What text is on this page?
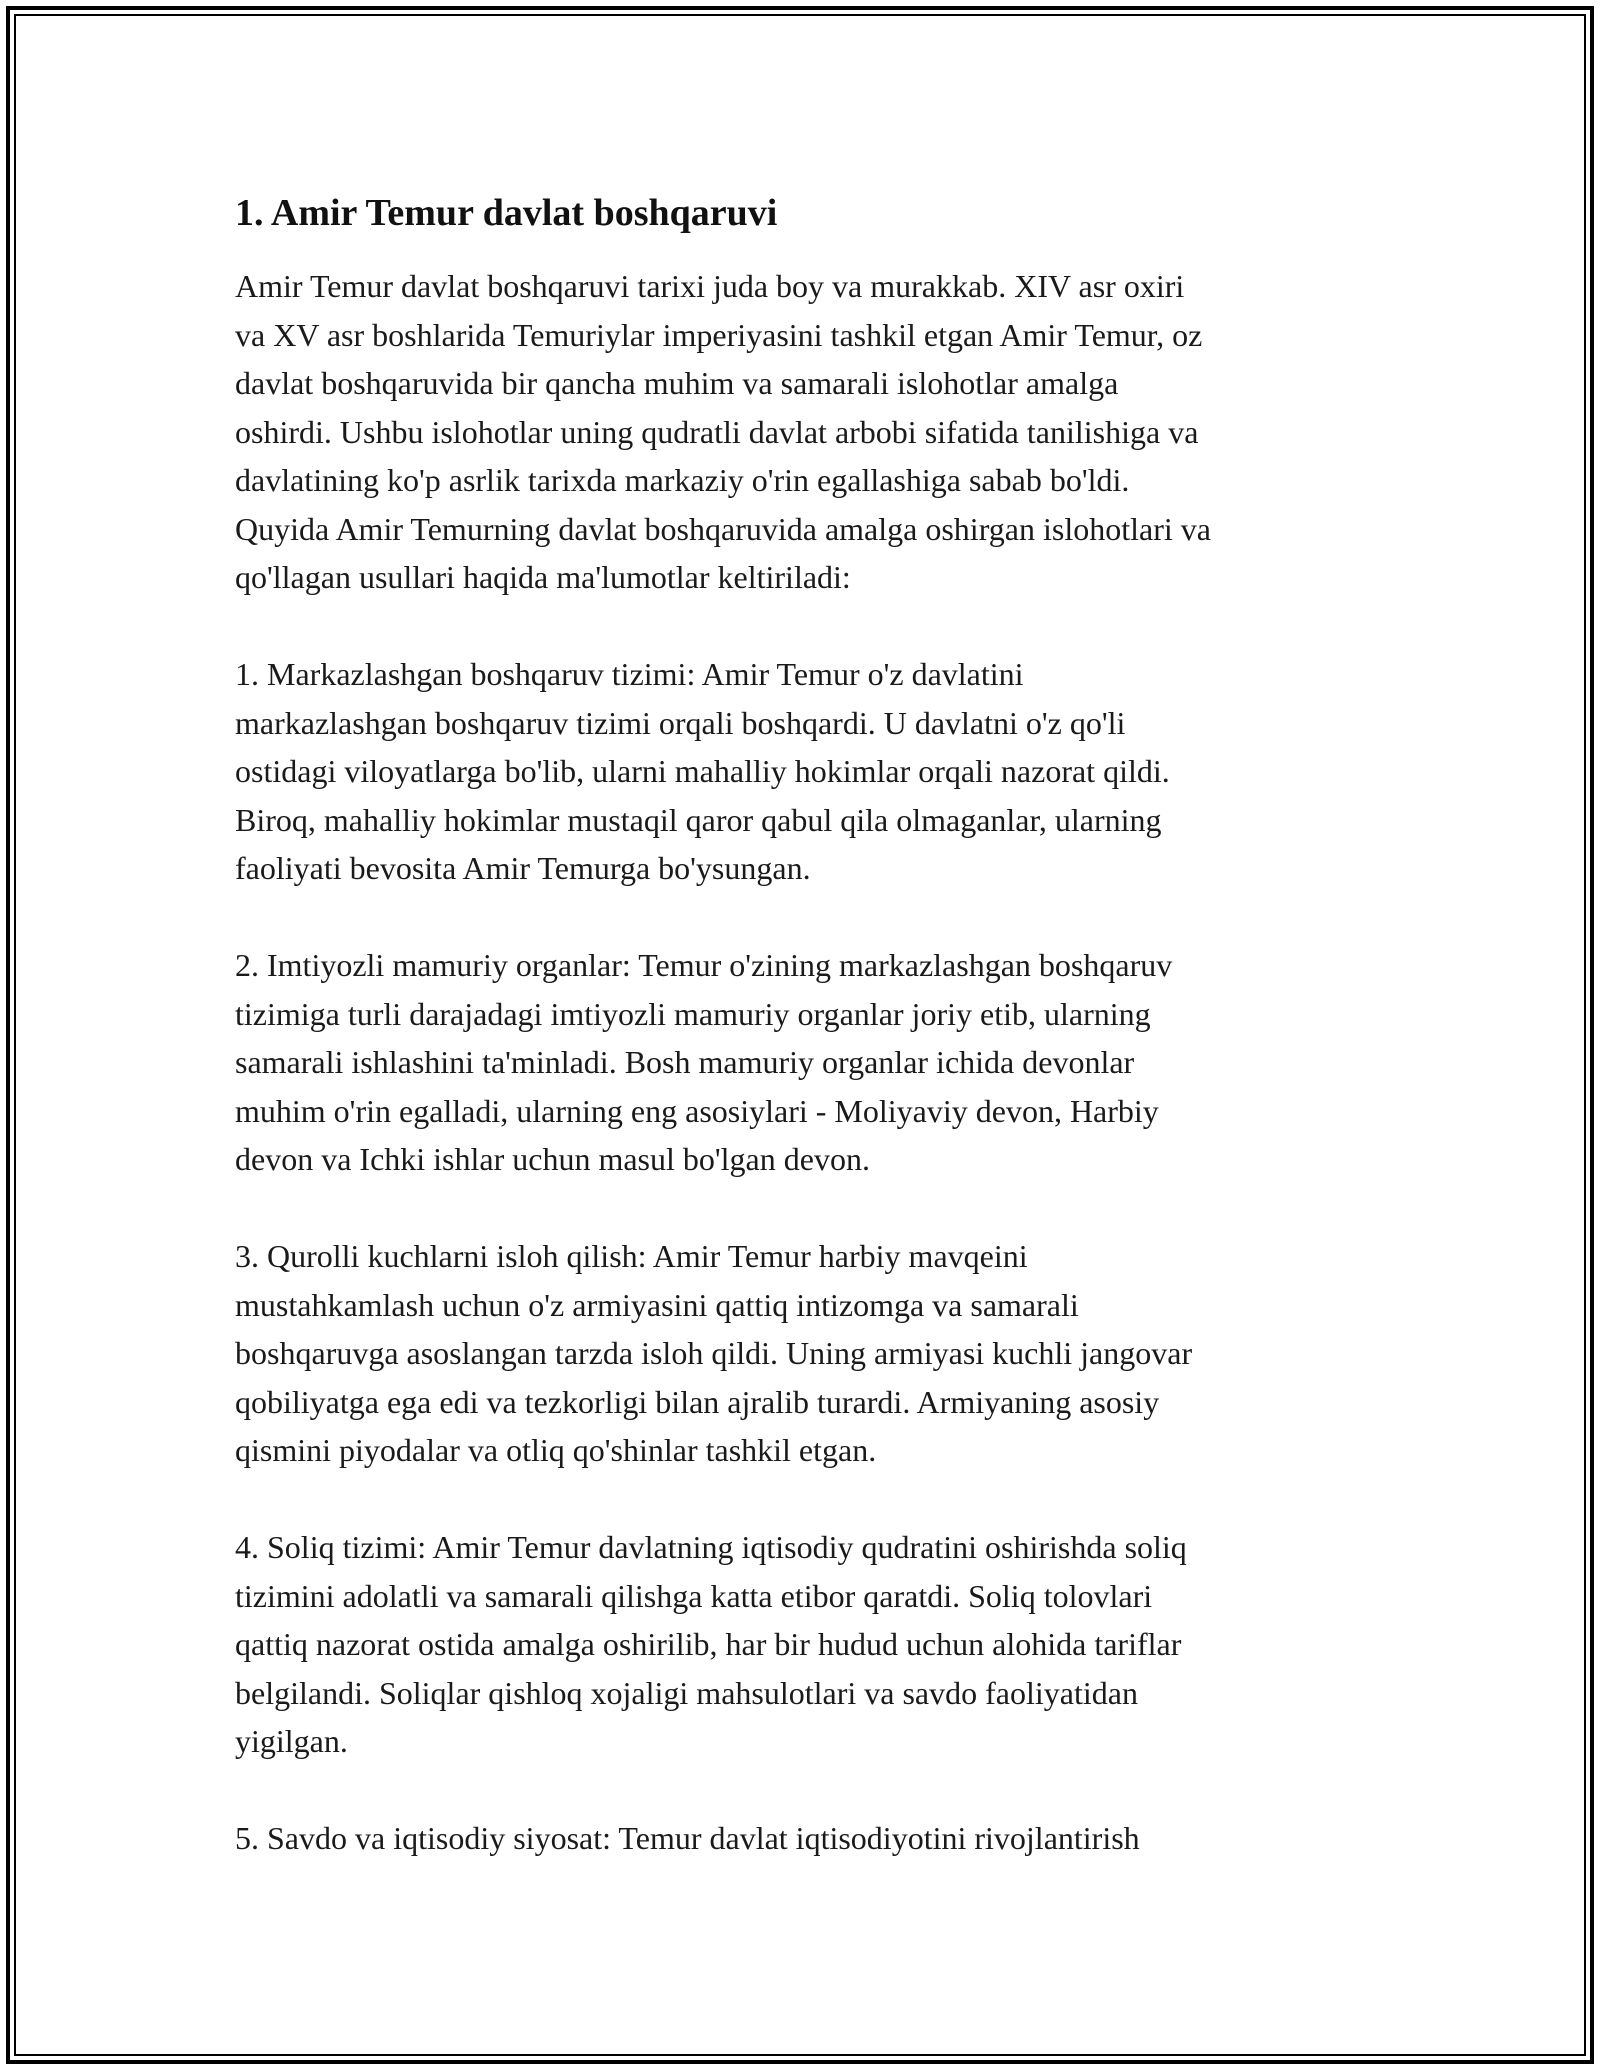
1. Amir Temur davlat boshqaruvi

Amir Temur davlat boshqaruvi tarixi juda boy va murakkab. XIV asr oxiri
va XV asr boshlarida Temuriylar imperiyasini tashkil etgan Amir Temur, oz
davlat boshqaruvida bir qancha muhim va samarali islohotlar amalga
oshirdi. Ushbu islohotlar uning qudratli davlat arbobi sifatida tanilishiga va
davlatining ko'p asrlik tarixda markaziy o'rin egallashiga sabab bo'ldi.
Quyida Amir Temurning davlat boshqaruvida amalga oshirgan islohotlari va
qo'llagan usullari haqida ma'lumotlar keltiriladi:

1. Markazlashgan boshqaruv tizimi: Amir Temur o'z davlatini
markazlashgan boshqaruv tizimi orqali boshqardi. U davlatni o'z qo'li
ostidagi viloyatlarga bo'lib, ularni mahalliy hokimlar orqali nazorat qildi.
Biroq, mahalliy hokimlar mustaqil qaror qabul qila olmaganlar, ularning
faoliyati bevosita Amir Temurga bo'ysungan.

2. Imtiyozli mamuriy organlar: Temur o'zining markazlashgan boshqaruv
tizimiga turli darajadagi imtiyozli mamuriy organlar joriy etib, ularning
samarali ishlashini ta'minladi. Bosh mamuriy organlar ichida devonlar
muhim o'rin egalladi, ularning eng asosiylari - Moliyaviy devon, Harbiy
devon va Ichki ishlar uchun masul bo'lgan devon.

3. Qurolli kuchlarni isloh qilish: Amir Temur harbiy mavqeini
mustahkamlash uchun o'z armiyasini qattiq intizomga va samarali
boshqaruvga asoslangan tarzda isloh qildi. Uning armiyasi kuchli jangovar
qobiliyatga ega edi va tezkorligi bilan ajralib turardi. Armiyaning asosiy
qismini piyodalar va otliq qo'shinlar tashkil etgan.

4. Soliq tizimi: Amir Temur davlatning iqtisodiy qudratini oshirishda soliq
tizimini adolatli va samarali qilishga katta etibor qaratdi. Soliq tolovlari
qattiq nazorat ostida amalga oshirilib, har bir hudud uchun alohida tariflar
belgilandi. Soliqlar qishloq xojaligi mahsulotlari va savdo faoliyatidan
yigilgan.

5. Savdo va iqtisodiy siyosat: Temur davlat iqtisodiyotini rivojlantirish
